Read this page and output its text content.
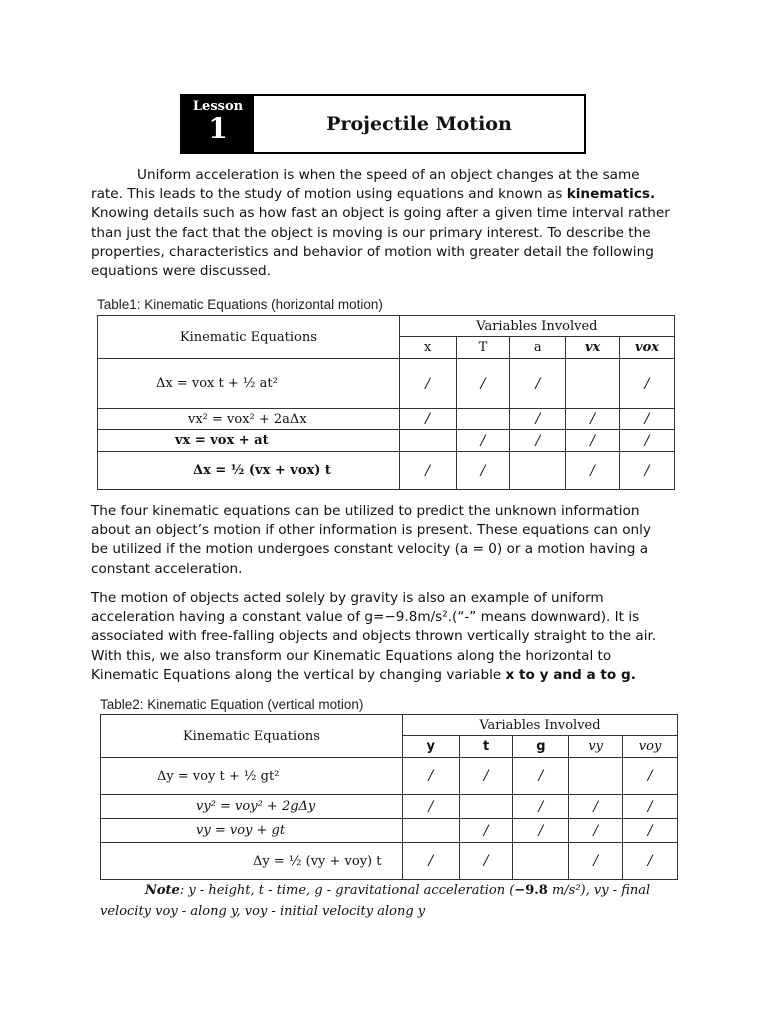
Lesson
1	Projectile Motion
Uniform acceleration is when the speed of an object changes at the same rate. This leads to the study of motion using equations and known as kinematics. Knowing details such as how fast an object is going after a given time interval rather than just the fact that the object is moving is our primary interest. To describe the properties, characteristics and behavior of motion with greater detail the following equations were discussed.
Table1: Kinematic Equations (horizontal motion)
Kinematic Equations	Variables Involved				
	x	T	a	vx	vox
Δx = vox t + ½ at²	/	/	/		/
vx² = vox² + 2aΔx	/		/	/	/
vx = vox + at		/	/	/	/
Δx = ½ (vx + vox) t	/	/		/	/
The four kinematic equations can be utilized to predict the unknown information about an object’s motion if other information is present. These equations can only be utilized if the motion undergoes constant velocity (a = 0) or a motion having a constant acceleration.
The motion of objects acted solely by gravity is also an example of uniform acceleration having a constant value of g=−9.8m/s².(“-” means downward). It is associated with free-falling objects and objects thrown vertically straight to the air. With this, we also transform our Kinematic Equations along the horizontal to Kinematic Equations along the vertical by changing variable x to y and a to g.
Table2: Kinematic Equation (vertical motion)
Kinematic Equations	Variables Involved				
	y	t	g	vy	voy
Δy = voy t + ½ gt²	/	/	/		/
vy² = voy² + 2gΔy	/		/	/	/
vy = voy + gt		/	/	/	/
Δy = ½ (vy + voy) t	/	/		/	/
Note: y - height, t - time, g - gravitational acceleration (−9.8 m/s²), vy - final velocity voy - along y, voy - initial velocity along y
